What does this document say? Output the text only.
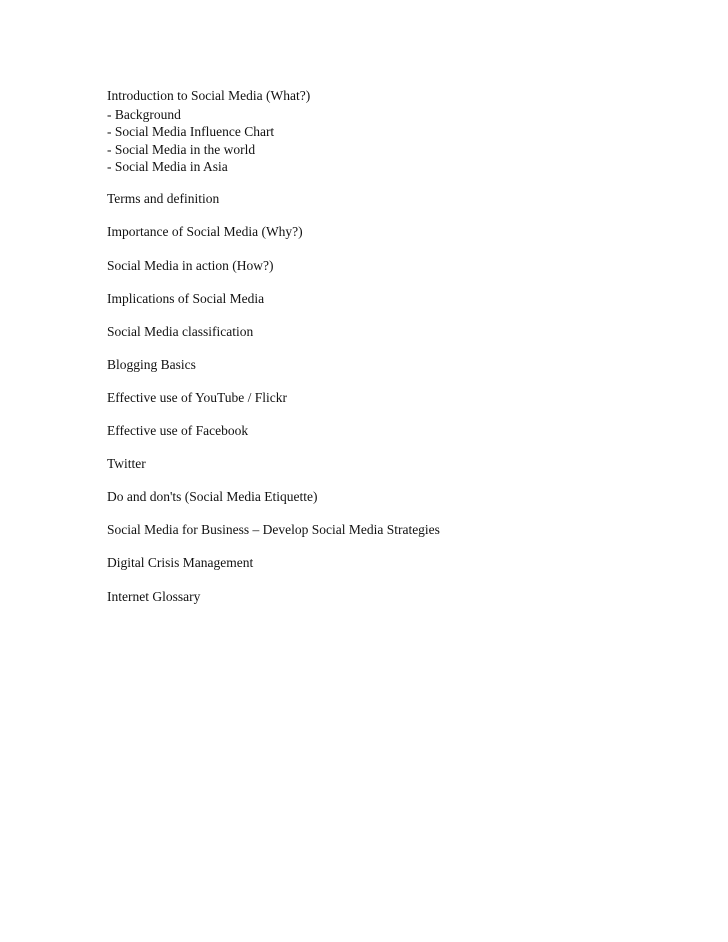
Introduction to Social Media (What?)
- Background
- Social Media Influence Chart
- Social Media in the world
- Social Media in Asia
Terms and definition
Importance of Social Media (Why?)
Social Media in action (How?)
Implications of Social Media
Social Media classification
Blogging Basics
Effective use of YouTube / Flickr
Effective use of Facebook
Twitter
Do and don'ts (Social Media Etiquette)
Social Media for Business – Develop Social Media Strategies
Digital Crisis Management
Internet Glossary
